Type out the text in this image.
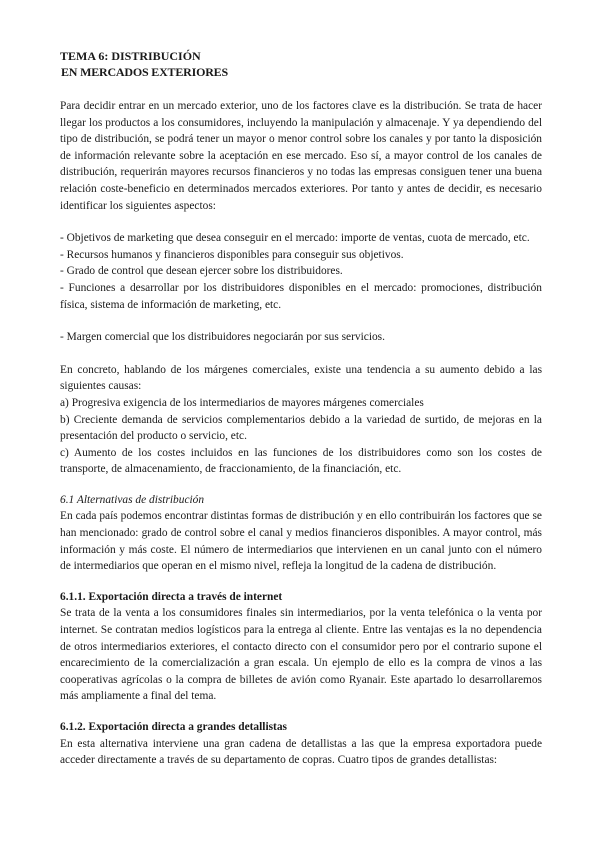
TEMA 6: DISTRIBUCIÓN
EN MERCADOS EXTERIORES

Para decidir entrar en un mercado exterior, uno de los factores clave es la distribución. Se trata de hacer llegar los productos a los consumidores, incluyendo la manipulación y almacenaje. Y ya dependiendo del tipo de distribución, se podrá tener un mayor o menor control sobre los canales y por tanto la disposición de información relevante sobre la aceptación en ese mercado. Eso sí, a mayor control de los canales de distribución, requerirán mayores recursos financieros y no todas las empresas consiguen tener una buena relación coste-beneficio en determinados mercados exteriores. Por tanto y antes de decidir, es necesario identificar los siguientes aspectos:

- Objetivos de marketing que desea conseguir en el mercado: importe de ventas, cuota de mercado, etc.

- Recursos humanos y financieros disponibles para conseguir sus objetivos.

- Grado de control que desean ejercer sobre los distribuidores.

- Funciones a desarrollar por los distribuidores disponibles en el mercado: promociones, distribución física, sistema de información de marketing, etc.

- Margen comercial que los distribuidores negociarán por sus servicios.

En concreto, hablando de los márgenes comerciales, existe una tendencia a su aumento debido a las siguientes causas:

a) Progresiva exigencia de los intermediarios de mayores márgenes comerciales

b) Creciente demanda de servicios complementarios debido a la variedad de surtido, de mejoras en la presentación del producto o servicio, etc.

c) Aumento de los costes incluidos en las funciones de los distribuidores como son los costes de transporte, de almacenamiento, de fraccionamiento, de la financiación, etc.

6.1 Alternativas de distribución

En cada país podemos encontrar distintas formas de distribución y en ello contribuirán los factores que se han mencionado: grado de control sobre el canal y medios financieros disponibles. A mayor control, más información y más coste. El número de intermediarios que intervienen en un canal junto con el número de intermediarios que operan en el mismo nivel, refleja la longitud de la cadena de distribución.

6.1.1. Exportación directa a través de internet

Se trata de la venta a los consumidores finales sin intermediarios, por la venta telefónica o la venta por internet. Se contratan medios logísticos para la entrega al cliente. Entre las ventajas es la no dependencia de otros intermediarios exteriores, el contacto directo con el consumidor pero por el contrario supone el encarecimiento de la comercialización a gran escala. Un ejemplo de ello es la compra de vinos a las cooperativas agrícolas o la compra de billetes de avión como Ryanair. Este apartado lo desarrollaremos más ampliamente a final del tema.

6.1.2. Exportación directa a grandes detallistas

En esta alternativa interviene una gran cadena de detallistas a las que la empresa exportadora puede acceder directamente a través de su departamento de copras. Cuatro tipos de grandes detallistas:
